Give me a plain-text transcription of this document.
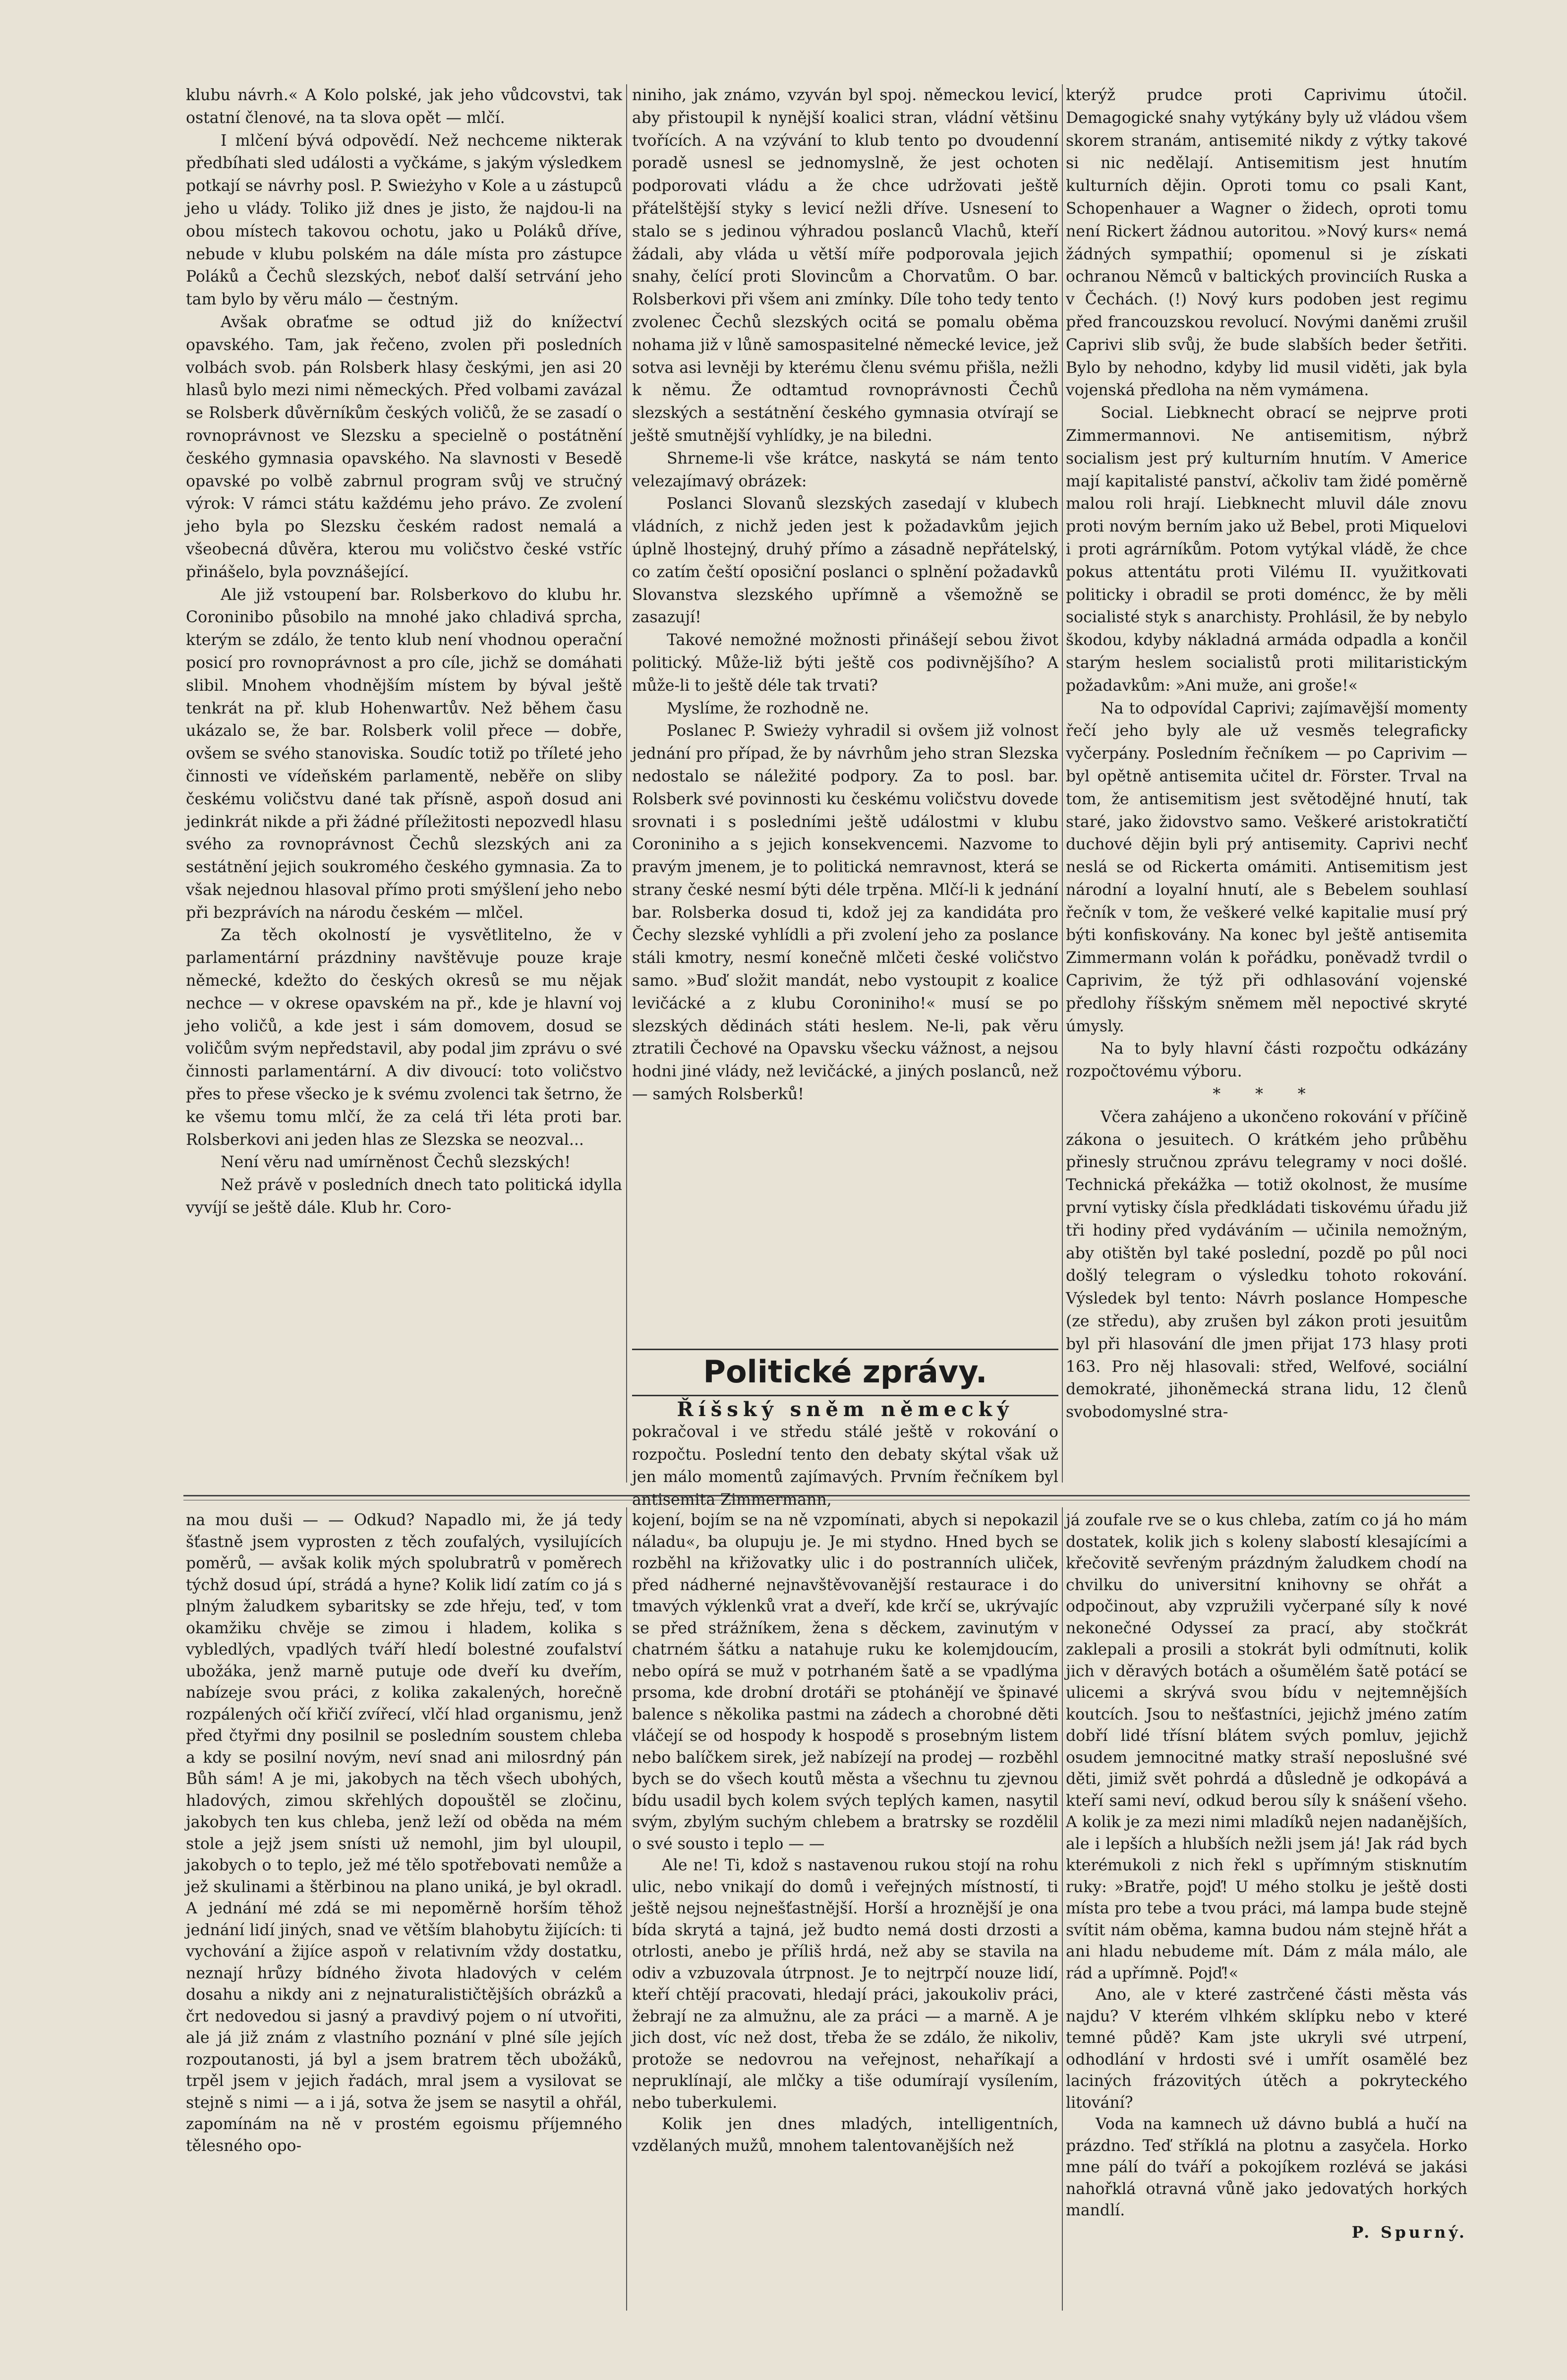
klubu návrh.« A Kolo polské, jak jeho vůdcovstvi, tak ostatní členové, na ta slova opět — mlčí.

I mlčení bývá odpovědí. Než nechceme nikterak předbíhati sled události a vyčkáme, s jakým výsledkem potkají se návrhy posl. P. Swieżyho v Kole a u zástupců jeho u vlády. Toliko již dnes je jisto, že najdou-li na obou místech takovou ochotu, jako u Poláků dříve, nebude v klubu polském na dále místa pro zástupce Poláků a Čechů slezských, neboť další setrvání jeho tam bylo by věru málo — čestným.

Avšak obraťme se odtud již do knížectví opavského. Tam, jak řečeno, zvolen při posledních volbách svob. pán Rolsberk hlasy českými, jen asi 20 hlasů bylo mezi nimi německých. Před volbami zavázal se Rolsberk důvěrníkům českých voličů, že se zasadí o rovnoprávnost ve Slezsku a specielně o postátnění českého gymnasia opavského. Na slavnosti v Besedě opavské po volbě zabrnul program svůj ve stručný výrok: V rámci státu každému jeho právo. Ze zvolení jeho byla po Slezsku českém radost nemalá a všeobecná důvěra, kterou mu voličstvo české vstříc přinášelo, byla povznášející.

Ale již vstoupení bar. Rolsberkovo do klubu hr. Coroninibo působilo na mnohé jako chladivá sprcha, kterým se zdálo, že tento klub není vhodnou operační posicí pro rovnoprávnost a pro cíle, jichž se domáhati slibil. Mnohem vhodnějším místem by býval ještě tenkrát na př. klub Hohenwartův. Než během času ukázalo se, že bar. Rolsberk volil přece — dobře, ovšem se svého stanoviska. Soudíc totiž po tříleté jeho činnosti ve vídeňském parlamentě, neběře on sliby českému voličstvu dané tak přísně, aspoň dosud ani jedinkrát nikde a při žádné příležitosti nepozvedl hlasu svého za rovnoprávnost Čechů slezských ani za sestátnění jejich soukromého českého gymnasia. Za to však nejednou hlasoval přímo proti smýšlení jeho nebo při bezprávích na národu českém — mlčel.

Za těch okolností je vysvětlitelno, že v parlamentární prázdniny navštěvuje pouze kraje německé, kdežto do českých okresů se mu nějak nechce — v okrese opavském na př., kde je hlavní voj jeho voličů, a kde jest i sám domovem, dosud se voličům svým nepředstavil, aby podal jim zprávu o své činnosti parlamentární. A div divoucí: toto voličstvo přes to přese všecko je k svému zvolenci tak šetrno, že ke všemu tomu mlčí, že za celá tři léta proti bar. Rolsberkovi ani jeden hlas ze Slezska se neozval...

Není věru nad umírněnost Čechů slezských!

Než právě v posledních dnech tato politická idylla vyvíjí se ještě dále. Klub hr. Coro-

niniho, jak známo, vzyván byl spoj. německou levicí, aby přistoupil k nynější koalici stran, vládní většinu tvořících. A na vzývání to klub tento po dvoudenní poradě usnesl se jednomyslně, že jest ochoten podporovati vládu a že chce udržovati ještě přátelštější styky s levicí nežli dříve. Usnesení to stalo se s jedinou výhradou poslanců Vlachů, kteří žádali, aby vláda u větší míře podporovala jejich snahy, čelící proti Slovincům a Chorvatům. O bar. Rolsberkovi při všem ani zmínky. Díle toho tedy tento zvolenec Čechů slezských ocitá se pomalu oběma nohama již v lůně samospasitelné německé levice, jež sotva asi levněji by kterému členu svému přišla, nežli k němu. Že odtamtud rovnoprávnosti Čechů slezských a sestátnění českého gymnasia otvírají se ještě smutnější vyhlídky, je na biledni.

Shrneme-li vše krátce, naskytá se nám tento velezajímavý obrázek:

Poslanci Slovanů slezských zasedají v klubech vládních, z nichž jeden jest k požadavkům jejich úplně lhostejný, druhý přímo a zásadně nepřátelský, co zatím čeští oposiční poslanci o splnění požadavků Slovanstva slezského upřímně a všemožně se zasazují!

Takové nemožné možnosti přinášejí sebou život politický. Může-liž býti ještě cos podivnějšího? A může-li to ještě déle tak trvati?

Myslíme, že rozhodně ne.

Poslanec P. Swieży vyhradil si ovšem již volnost jednání pro případ, že by návrhům jeho stran Slezska nedostalo se náležité podpory. Za to posl. bar. Rolsberk své povinnosti ku českému voličstvu dovede srovnati i s posledními ještě událostmi v klubu Coroniniho a s jejich konsekvencemi. Nazvome to pravým jmenem, je to politická nemravnost, která se strany české nesmí býti déle trpěna. Mlčí-li k jednání bar. Rolsberka dosud ti, kdož jej za kandidáta pro Čechy slezské vyhlídli a při zvolení jeho za poslance stáli kmotry, nesmí konečně mlčeti české voličstvo samo. »Buď složit mandát, nebo vystoupit z koalice levičácké a z klubu Coroniniho!« musí se po slezských dědinách státi heslem. Ne-li, pak věru ztratili Čechové na Opavsku všecku vážnost, a nejsou hodni jiné vlády, než levičácké, a jiných poslanců, než — samých Rolsberků!

Politické zprávy.
Říšský sněm německý

pokračoval i ve středu stálé ještě v rokování o rozpočtu. Poslední tento den debaty skýtal však už jen málo momentů zajímavých. Prvním řečníkem byl antisemita Zimmermann,

kterýž prudce proti Caprivimu útočil. Demagogické snahy vytýkány byly už vládou všem skorem stranám, antisemité nikdy z výtky takové si nic nedělají. Antisemitism jest hnutím kulturních dějin. Oproti tomu co psali Kant, Schopenhauer a Wagner o židech, oproti tomu není Rickert žádnou autoritou. »Nový kurs« nemá žádných sympathií; opomenul si je získati ochranou Němců v baltických provinciích Ruska a v Čechách. (!) Nový kurs podoben jest regimu před francouzskou revolucí. Novými daněmi zrušil Caprivi slib svůj, že bude slabších beder šetřiti. Bylo by nehodno, kdyby lid musil viděti, jak byla vojenská předloha na něm vymámena.

Social. Liebknecht obrací se nejprve proti Zimmermannovi. Ne antisemitism, nýbrž socialism jest prý kulturním hnutím. V Americe mají kapitalisté panství, ačkoliv tam židé poměrně malou roli hrají. Liebknecht mluvil dále znovu proti novým berním jako už Bebel, proti Miquelovi i proti agrárníkům. Potom vytýkal vládě, že chce pokus attentátu proti Vilému II. využitkovati politicky i obradil se proti doméncc, že by měli socialisté styk s anarchisty. Prohlásil, že by nebylo škodou, kdyby nákladná armáda odpadla a končil starým heslem socialistů proti militaristickým požadavkům: »Ani muže, ani groše!«

Na to odpovídal Caprivi; zajímavější momenty řečí jeho byly ale už vesměs telegraficky vyčerpány. Posledním řečníkem — po Caprivim — byl opětně antisemita učitel dr. Förster. Trval na tom, že antisemitism jest světodějné hnutí, tak staré, jako židovstvo samo. Veškeré aristokratičtí duchové dějin byli prý antisemity. Caprivi nechť neslá se od Rickerta omámiti. Antisemitism jest národní a loyalní hnutí, ale s Bebelem souhlasí řečník v tom, že veškeré velké kapitalie musí prý býti konfiskovány. Na konec byl ještě antisemita Zimmermann volán k pořádku, poněvadž tvrdil o Caprivim, že týž při odhlasování vojenské předlohy říšským sněmem měl nepoctivé skryté úmysly.

Na to byly hlavní části rozpočtu odkázány rozpočtovému výboru.

* * *

Včera zahájeno a ukončeno rokování v příčině zákona o jesuitech. O krátkém jeho průběhu přinesly stručnou zprávu telegramy v noci došlé. Technická překážka — totiž okolnost, že musíme první vytisky čísla předkládati tiskovému úřadu již tři hodiny před vydáváním — učinila nemožným, aby otištěn byl také poslední, pozdě po půl noci došlý telegram o výsledku tohoto rokování. Výsledek byl tento: Návrh poslance Hompesche (ze středu), aby zrušen byl zákon proti jesuitům byl při hlasování dle jmen přijat 173 hlasy proti 163. Pro něj hlasovali: střed, Welfové, sociální demokraté, jihoněmecká strana lidu, 12 členů svobodomyslné stra-

na mou duši — — Odkud? Napadlo mi, že já tedy šťastně jsem vyprosten z těch zoufalých, vysilujících poměrů, — avšak kolik mých spolubratrů v poměrech týchž dosud úpí, strádá a hyne? Kolik lidí zatím co já s plným žaludkem sybaritsky se zde hřeju, teď, v tom okamžiku chvěje se zimou i hladem, kolika s vybledlých, vpadlých tváří hledí bolestné zoufalství ubožáka, jenž marně putuje ode dveří ku dveřím, nabízeje svou práci, z kolika zakalených, horečně rozpálených očí křičí zvířecí, vlčí hlad organismu, jenž před čtyřmi dny posilnil se posledním soustem chleba a kdy se posilní novým, neví snad ani milosrdný pán Bůh sám! A je mi, jakobych na těch všech ubohých, hladových, zimou skřehlých dopouštěl se zločinu, jakobych ten kus chleba, jenž leží od oběda na mém stole a jejž jsem snísti už nemohl, jim byl uloupil, jakobych o to teplo, jež mé tělo spotřebovati nemůže a jež skulinami a štěrbinou na plano uniká, je byl okradl. A jednání mé zdá se mi nepoměrně horším těhož jednání lidí jiných, snad ve větším blahobytu žijících: ti vychování a žijíce aspoň v relativním vždy dostatku, neznají hrůzy bídného života hladových v celém dosahu a nikdy ani z nejnaturalističtějších obrázků a črt nedovedou si jasný a pravdivý pojem o ní utvořiti, ale já již znám z vlastního poznání v plné síle jejích rozpoutanosti, já byl a jsem bratrem těch ubožáků, trpěl jsem v jejich řadách, mral jsem a vysilovat se stejně s nimi — a i já, sotva že jsem se nasytil a ohřál, zapomínám na ně v prostém egoismu příjemného tělesného opo-

kojení, bojím se na ně vzpomínati, abych si nepokazil náladu«, ba olupuju je. Je mi stydno. Hned bych se rozběhl na křižovatky ulic i do postranních uliček, před nádherné nejnavštěvovanější restaurace i do tmavých výklenků vrat a dveří, kde krčí se, ukrývajíc se před strážníkem, žena s děckem, zavinutým v chatrném šátku a natahuje ruku ke kolemjdoucím, nebo opírá se muž v potrhaném šatě a se vpadlýma prsoma, kde drobní drotáři se ptohánějí ve špinavé balence s několika pastmi na zádech a chorobné děti vláčejí se od hospody k hospodě s prosebným listem nebo balíčkem sirek, jež nabízejí na prodej — rozběhl bych se do všech koutů města a všechnu tu zjevnou bídu usadil bych kolem svých teplých kamen, nasytil svým, zbylým suchým chlebem a bratrsky se rozdělil o své sousto i teplo — —

Ale ne! Ti, kdož s nastavenou rukou stojí na rohu ulic, nebo vnikají do domů i veřejných místností, ti ještě nejsou nejnešťastnější. Horší a hroznější je ona bída skrytá a tajná, jež budto nemá dosti drzosti a otrlosti, anebo je příliš hrdá, než aby se stavila na odiv a vzbuzovala útrpnost. Je to nejtrpčí nouze lidí, kteří chtějí pracovati, hledají práci, jakoukoliv práci, žebrají ne za almužnu, ale za práci — a marně. A je jich dost, víc než dost, třeba že se zdálo, že nikoliv, protože se nedovrou na veřejnost, nehaříkají a nepruklínají, ale mlčky a tiše odumírají vysílením, nebo tuberkulemi.

Kolik jen dnes mladých, intelligentních, vzdělaných mužů, mnohem talentovanějších než

já zoufale rve se o kus chleba, zatím co já ho mám dostatek, kolik jich s koleny slabostí klesajícími a křečovitě sevřeným prázdným žaludkem chodí na chvilku do universitní knihovny se ohřát a odpočinout, aby vzpružili vyčerpané síly k nové nekonečné Odysseí za prací, aby stočkrát zaklepali a prosili a stokrát byli odmítnuti, kolik jich v děravých botách a ošumělém šatě potácí se ulicemi a skrývá svou bídu v nejtemnějších koutcích. Jsou to nešťastníci, jejichž jméno zatím dobří lidé třísní blátem svých pomluv, jejichž osudem jemnocitné matky straší neposlušné své děti, jimiž svět pohrdá a důsledně je odkopává a kteří sami neví, odkud berou síly k snášení všeho. A kolik je za mezi nimi mladíků nejen nadanějších, ale i lepších a hlubších nežli jsem já! Jak rád bych kterémukoli z nich řekl s upřímným stisknutím ruky: »Bratře, pojď! U mého stolku je ještě dosti místa pro tebe a tvou práci, má lampa bude stejně svítit nám oběma, kamna budou nám stejně hřát a ani hladu nebudeme mít. Dám z mála málo, ale rád a upřímně. Pojď!«

Ano, ale v které zastrčené části města vás najdu? V kterém vlhkém sklípku nebo v které temné půdě? Kam jste ukryli své utrpení, odhodlání v hrdosti své i umřít osamělé bez laciných frázovitých útěch a pokryteckého litování?

Voda na kamnech už dávno bublá a hučí na prázdno. Teď stříklá na plotnu a zasyčela. Horko mne pálí do tváří a pokojíkem rozlévá se jakási nahořklá otravná vůně jako jedovatých horkých mandlí.

P. Spurný.
